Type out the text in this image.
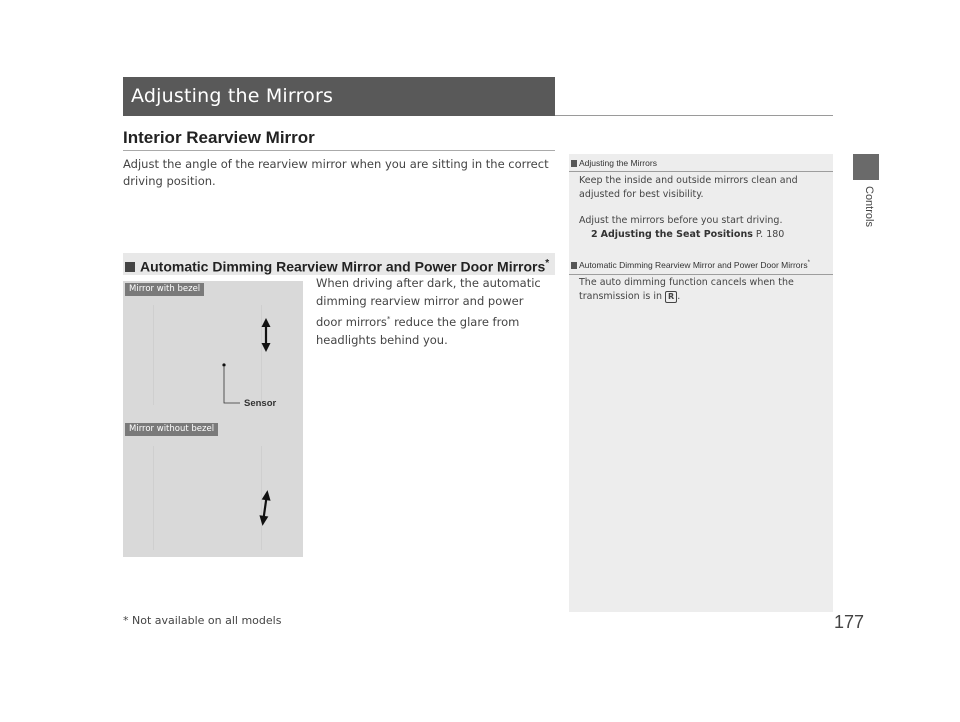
Adjusting the Mirrors
Interior Rearview Mirror
Adjust the angle of the rearview mirror when you are sitting in the correct driving position.
Automatic Dimming Rearview Mirror and Power Door Mirrors*
Mirror with bezel
Mirror without bezel
Sensor
When driving after dark, the automatic dimming rearview mirror and power door mirrors* reduce the glare from headlights behind you.
Adjusting the Mirrors
Keep the inside and outside mirrors clean and adjusted for best visibility.
Adjust the mirrors before you start driving.
2 Adjusting the Seat Positions P. 180
Automatic Dimming Rearview Mirror and Power Door Mirrors*
The auto dimming function cancels when the transmission is in R .
Controls
* Not available on all models	177
